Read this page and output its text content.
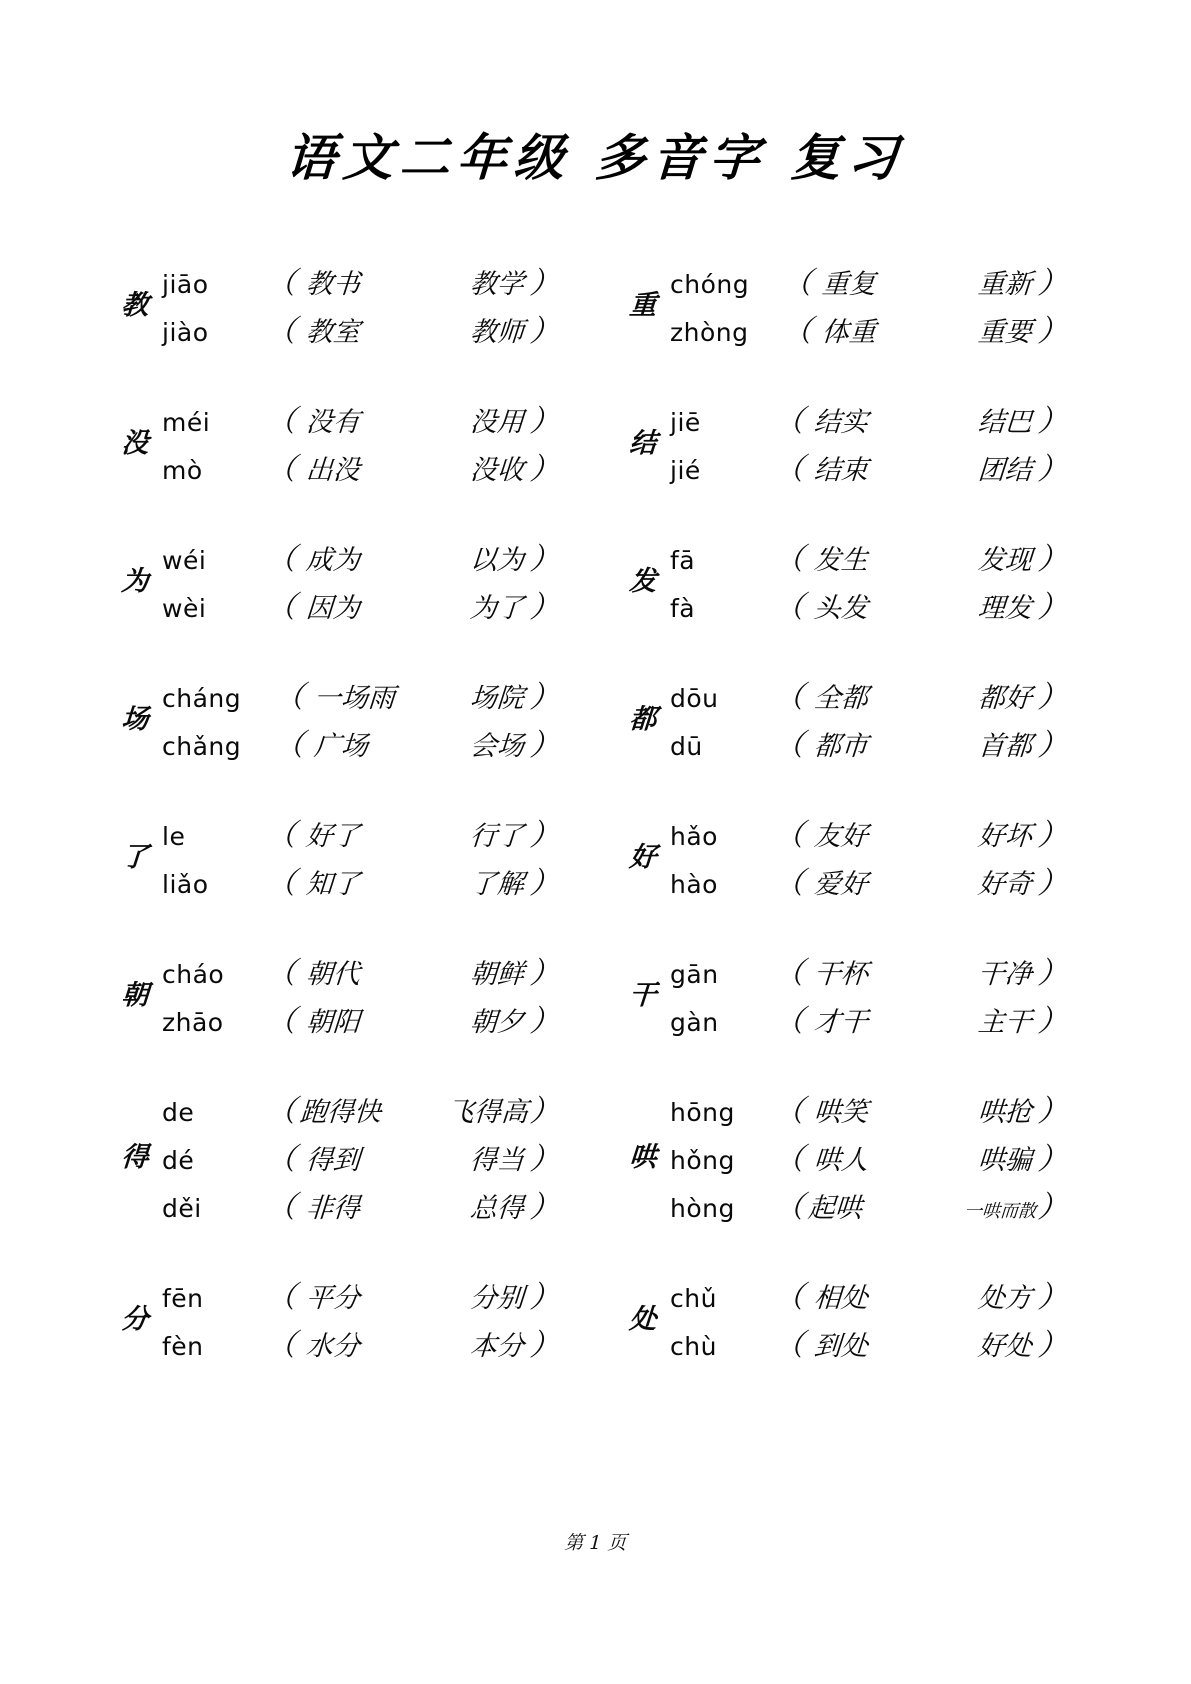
语文二年级 多音字 复习
教
jiāo	（ 教书	教学 ）
jiào	（ 教室	教师 ）
没
méi	（ 没有	没用 ）
mò	（ 出没	没收 ）
为
wéi	（ 成为	以为 ）
wèi	（ 因为	为了 ）
场
cháng	（ 一场雨	场院 ）
chǎng	（ 广场	会场 ）
了
le	（ 好了	行了 ）
liǎo	（ 知了	了解 ）
朝
cháo	（ 朝代	朝鲜 ）
zhāo	（ 朝阳	朝夕 ）
得
de	（ 跑得快 飞得高 ）
dé	（ 得到	得当 ）
děi	（ 非得	总得 ）
分
fēn	（ 平分	分别 ）
fèn	（ 水分	本分 ）
重
chóng	（ 重复	重新 ）
zhòng	（ 体重	重要 ）
结
jiē	（ 结实	结巴 ）
jié	（ 结束	团结 ）
发
fā	（ 发生	发现 ）
fà	（ 头发	理发 ）
都
dōu	（ 全都	都好 ）
dū	（ 都市	首都 ）
好
hǎo	（ 友好	好坏 ）
hào	（ 爱好	好奇 ）
干
gān	（ 干杯	干净 ）
gàn	（ 才干	主干 ）
哄
hōng	（ 哄笑	哄抢 ）
hǒng	（ 哄人	哄骗 ）
hòng	（ 起哄	一哄而散 ）
处
chǔ	（ 相处	处方 ）
chù	（ 到处	好处 ）
第 1 页
